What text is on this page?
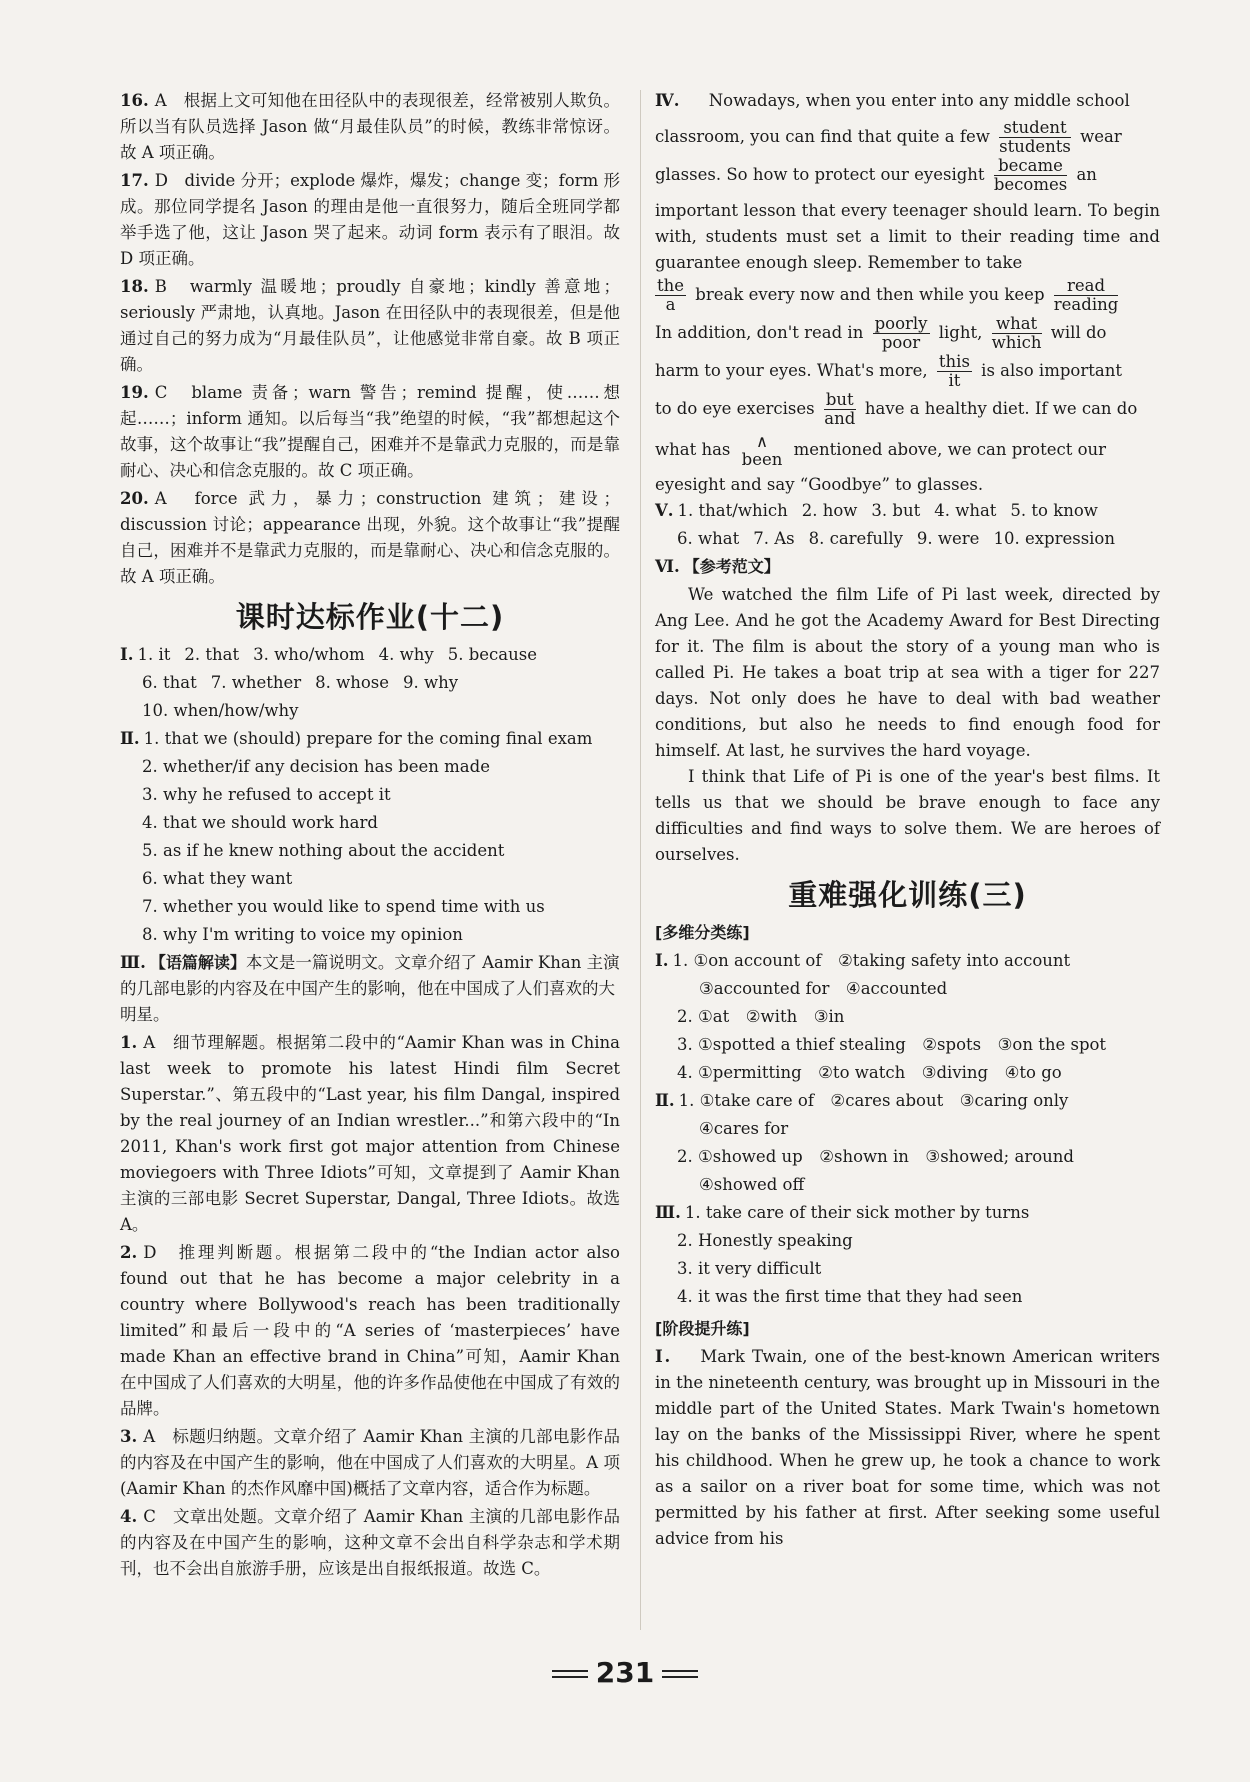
16. A　根据上文可知他在田径队中的表现很差，经常被别人欺负。所以当有队员选择 Jason 做“月最佳队员”的时候，教练非常惊讶。故 A 项正确。

17. D　divide 分开；explode 爆炸，爆发；change 变；form 形成。那位同学提名 Jason 的理由是他一直很努力，随后全班同学都举手选了他，这让 Jason 哭了起来。动词 form 表示有了眼泪。故 D 项正确。

18. B　warmly 温暖地；proudly 自豪地；kindly 善意地；seriously 严肃地，认真地。Jason 在田径队中的表现很差，但是他通过自己的努力成为“月最佳队员”，让他感觉非常自豪。故 B 项正确。

19. C　blame 责备；warn 警告；remind 提醒，使……想起……；inform 通知。以后每当“我”绝望的时候，“我”都想起这个故事，这个故事让“我”提醒自己，困难并不是靠武力克服的，而是靠耐心、决心和信念克服的。故 C 项正确。

20. A　force 武力，暴力；construction 建筑；建设；discussion 讨论；appearance 出现，外貌。这个故事让“我”提醒自己，困难并不是靠武力克服的，而是靠耐心、决心和信念克服的。故 A 项正确。

课时达标作业(十二)

Ⅰ. 1. it 2. that 3. who/whom 4. why 5. because

6. that 7. whether 8. whose 9. why

10. when/how/why

Ⅱ. 1. that we (should) prepare for the coming final exam

2. whether/if any decision has been made

3. why he refused to accept it

4. that we should work hard

5. as if he knew nothing about the accident

6. what they want

7. whether you would like to spend time with us

8. why I'm writing to voice my opinion

Ⅲ. 【语篇解读】本文是一篇说明文。文章介绍了 Aamir Khan 主演的几部电影的内容及在中国产生的影响，他在中国成了人们喜欢的大明星。

1. A　细节理解题。根据第二段中的“Aamir Khan was in China last week to promote his latest Hindi film Secret Superstar.”、第五段中的“Last year, his film Dangal, inspired by the real journey of an Indian wrestler...”和第六段中的“In 2011, Khan's work first got major attention from Chinese moviegoers with Three Idiots”可知，文章提到了 Aamir Khan 主演的三部电影 Secret Superstar, Dangal, Three Idiots。故选 A。

2. D　推理判断题。根据第二段中的“the Indian actor also found out that he has become a major celebrity in a country where Bollywood's reach has been traditionally limited”和最后一段中的“A series of ‘masterpieces’ have made Khan an effective brand in China”可知，Aamir Khan 在中国成了人们喜欢的大明星，他的许多作品使他在中国成了有效的品牌。

3. A　标题归纳题。文章介绍了 Aamir Khan 主演的几部电影作品的内容及在中国产生的影响，他在中国成了人们喜欢的大明星。A 项(Aamir Khan 的杰作风靡中国)概括了文章内容，适合作为标题。

4. C　文章出处题。文章介绍了 Aamir Khan 主演的几部电影作品的内容及在中国产生的影响，这种文章不会出自科学杂志和学术期刊，也不会出自旅游手册，应该是出自报纸报道。故选 C。

Ⅳ. Nowadays, when you enter into any middle school

classroom, you can find that quite a few student
students
wear

glasses. So how to protect our eyesight became
becomes
an

important lesson that every teenager should learn. To begin with, students must set a limit to their reading time and guarantee enough sleep. Remember to take

the
a
break every now and then while you keep	read
reading

In addition, don't read in poorly
poor
light, what
which
will do

harm to your eyes. What's more, this
it
is also important

to do eye exercises but
and
have a healthy diet. If we can do

what has	∧
been mentioned above, we can protect our

eyesight and say “Goodbye” to glasses.

Ⅴ. 1. that/which 2. how 3. but 4. what 5. to know

6. what 7. As 8. carefully 9. were 10. expression

Ⅵ. 【参考范文】

We watched the film Life of Pi last week, directed by Ang Lee. And he got the Academy Award for Best Directing for it. The film is about the story of a young man who is called Pi. He takes a boat trip at sea with a tiger for 227 days. Not only does he have to deal with bad weather conditions, but also he needs to find enough food for himself. At last, he survives the hard voyage.

I think that Life of Pi is one of the year's best films. It tells us that we should be brave enough to face any difficulties and find ways to solve them. We are heroes of ourselves.

重难强化训练(三)
[多维分类练]

Ⅰ. 1. ①on account of　②taking safety into account

③accounted for　④accounted

2. ①at　②with　③in

3. ①spotted a thief stealing　②spots　③on the spot

4. ①permitting　②to watch　③diving　④to go

Ⅱ. 1. ①take care of　②cares about　③caring only

④cares for

2. ①showed up　②shown in　③showed; around

④showed off

Ⅲ. 1. take care of their sick mother by turns

2. Honestly speaking

3. it very difficult

4. it was the first time that they had seen

[阶段提升练]

Ⅰ. Mark Twain, one of the best-known American writers in the nineteenth century, was brought up in Missouri in the middle part of the United States. Mark Twain's hometown lay on the banks of the Mississippi River, where he spent his childhood. When he grew up, he took a chance to work as a sailor on a river boat for some time, which was not permitted by his father at first. After seeking some useful advice from his

231
